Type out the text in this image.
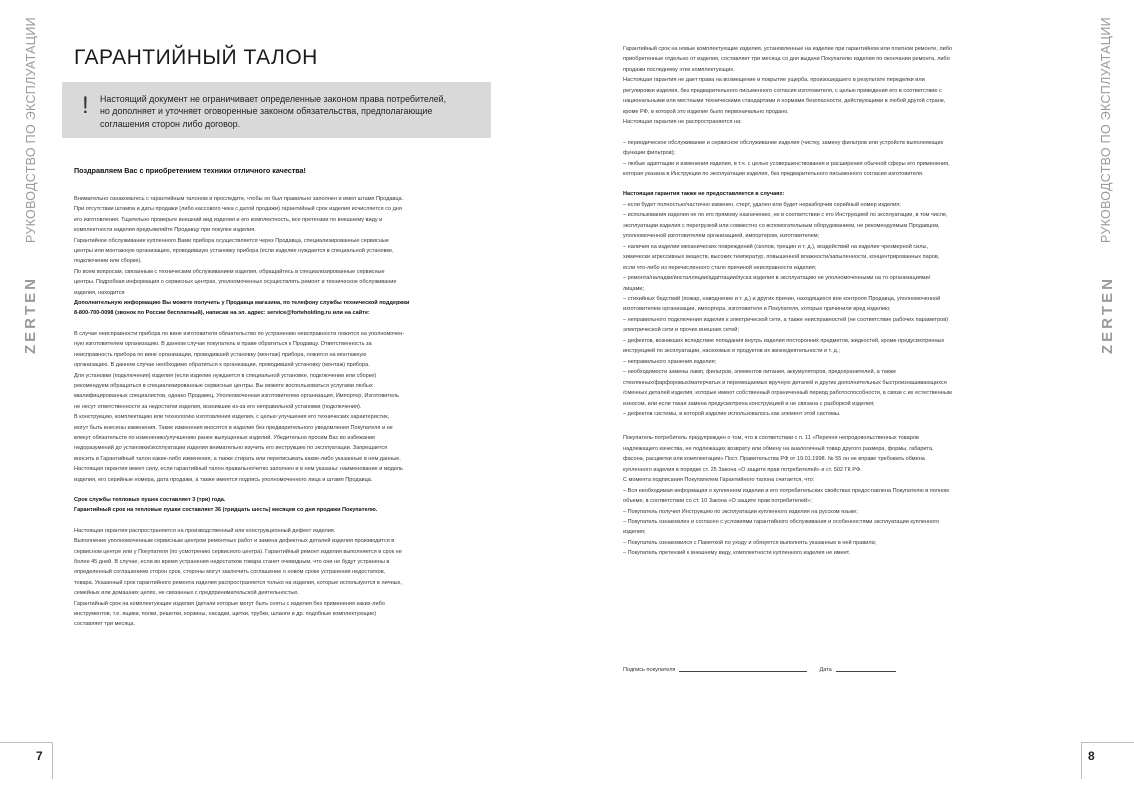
ZERTEN
РУКОВОДСТВО ПО ЭКСПЛУАТАЦИИ
7
ZERTEN
РУКОВОДСТВО ПО ЭКСПЛУАТАЦИИ
8
ГАРАНТИЙНЫЙ ТАЛОН
! Настоящий документ не ограничивает определенные законом права потребителей,

но дополняет и уточняет оговоренные законом обязательства, предполагающие

соглашения сторон либо договор.

Поздравляем Вас с приобретением техники отличного качества!

Внимательно ознакомьтесь с гарантийным талоном и проследите, чтобы он был правильно заполнен и имел штамп Продавца.

При отсутствии штампа и даты продажи (либо кассового чека с датой продажи) гарантийный срок изделия исчисляется со дня

его изготовления. Тщательно проверьте внешний вид изделия и его комплектность, все претензии по внешнему виду и

комплектности изделия предъявляйте Продавцу при покупке изделия.

Гарантийное обслуживание купленного Вами прибора осуществляется через Продавца, специализированные сервисные

центры или монтажную организацию, проводившую установку прибора (если изделие нуждается в специальной установке,

подключении или сборке).

По всем вопросам, связанным с техническим обслуживанием изделия, обращайтесь в специализированные сервисные

центры. Подробная информация о сервисных центрах, уполномоченных осуществлять ремонт и техническое обслуживание

изделия, находится

Дополнительную информацию Вы можете получить у Продавца магазина, по телефону службы технической поддержки

8-800-700-0098 (звонок по России бесплатный), написав на эл. адрес: service@forteholding.ru или на сайте:

В случае неисправности прибора по вине изготовителя обязательство по устранению неисправности ложится на уполномочен-

ную изготовителем организацию. В данном случае покупатель в праве обратиться к Продавцу. Ответственность за

неисправность прибора по вине организации, проводившей установку (монтаж) прибора, ложится на монтажную

организацию. В данном случае необходимо обратиться к организации, проводившей установку (монтаж) прибора.

Для установки (подключения) изделия (если изделие нуждается в специальной установке, подключении или сборке)

рекомендуем обращаться в специализированные сервисные центры. Вы можете воспользоваться услугами любых

квалифицированных специалистов, однако Продавец, Уполномоченная изготовителем организация, Импортер, Изготовитель

не несут ответственности за недостатки изделия, возникшие из-за его неправильной установки (подключения).

В конструкцию, комплектацию или технологию изготовления изделия, с целью улучшения его технических характеристик,

могут быть внесены изменения. Такие изменения вносятся в изделие без предварительного уведомления Покупателя и не

влекут обязательств по изменению/улучшению ранее выпущенных изделий. Убедительно просим Вас во избежание

недоразумений до установки/эксплуатации изделия внимательно изучить его инструкцию по эксплуатации. Запрещается

вносить в Гарантийный талон какие-либо изменения, а также стирать или переписывать какие-либо указанные в нем данные.

Настоящая гарантия имеет силу, если гарантийный талон правильно/четко заполнен и в нем указаны: наименование и модель

изделия, его серийные номера, дата продажи, а также имеется подпись уполномоченного лица и штамп Продавца.

Срок службы тепловых пушек составляет 3 (три) года.

Гарантийный срок на тепловые пушки составляет 36 (тридцать шесть) месяцев со дня продажи Покупателю.

Настоящая гарантия распространяется на производственный или конструкционный дефект изделия.

Выполнение уполномоченным сервисным центром ремонтных работ и замена дефектных деталей изделия производится в

сервисном центре или у Покупателя (по усмотрению сервисного центра). Гарантийный ремонт изделия выполняется в срок не

более 45 дней. В случае, если во время устранения недостатков товара станет очевидным, что они не будут устранены в

определенный соглашением сторон срок, стороны могут заключить соглашение о новом сроке устранения недостатков,

товара. Указанный срок гарантийного ремонта изделия распространяется только на изделия, которые используются в личных,

семейных или домашних целях, не связанных с предпринимательской деятельностью.

Гарантийный срок на комплектующие изделия (детали которые могут быть сняты с изделия без применения каких-либо

инструментов, т.е. ящики, полки, решетки, корзины, насадки, щетки, трубки, шланги и др. подобные комплектующие)

составляет три месяца.

Гарантийный срок на новые комплектующие изделия, установленные на изделие при гарантийном или платном ремонте, либо

приобретенные отдельно от изделия, составляет три месяца со дня выдачи Покупателю изделия по окончании ремонта, либо

продажи последнему этих комплектующих.

Настоящая гарантия не дает права на возмещение и покрытие ущерба, произошедшего в результате переделки или

регулировки изделия, без предварительного письменного согласия изготовителя, с целью приведения его в соответствие с

национальными или местными техническими стандартами и нормами безопасности, действующими в любой другой стране,

кроме РФ, в которой это изделие было первоначально продано.

Настоящая гарантия не распространяется на:

– периодическое обслуживание и сервисное обслуживание изделия (чистку, замену фильтров или устройств выполняющих

функции фильтров);

– любые адаптации и изменения изделия, в т.ч. с целью усовершенствования и расширения обычной сферы его применения,

которая указана в Инструкции по эксплуатации изделия, без предварительного письменного согласия изготовителя.

Настоящая гарантия также не предоставляется в случаях:

– если будет полностью/частично изменен, стерт, удален или будет неразборчив серийный номер изделия;

– использования изделия не по его прямому назначению, не в соответствии с его Инструкцией по эксплуатации, в том числе,

эксплуатации изделия с перегрузкой или совместно со вспомогательным оборудованием, не рекомендуемым Продавцом,

уполномоченной изготовителем организацией, импортером, изготовителем;

– наличия на изделии механических повреждений (сколов, трещин и т. д.), воздействий на изделие чрезмерной силы,

химически агрессивных веществ, высоких температур, повышенной влажности/запыленности, концентрированных паров,

если что-либо из перечисленного стало причиной неисправности изделия;

– ремонта/наладки/инсталляции/адаптации/пуска изделия в эксплуатацию не уполномоченными на то организациями/

лицами;

– стихийных бедствий (пожар, наводнение и т. д.) и других причин, находящихся вне контроля Продавца, уполномоченной

изготовителем организации, импортера, изготовителя и Покупателя, которые причинили вред изделию;

– неправильного подключения изделия к электрической сети, а также неисправностей (не соответствие рабочих параметров)

электрической сети и прочих внешних сетей;

– дефектов, возникших вследствие попадания внутрь изделия посторонних предметов, жидкостей, кроме предусмотренных

инструкцией по эксплуатации, насекомых и продуктов их жизнедеятельности и т. д.;

– неправильного хранения изделия;

– необходимости замены ламп, фильтров, элементов питания, аккумуляторов, предохранителей, а также

стеклянных/фарфоровых/матерчатых и перемещаемых вручную деталей и других дополнительных быстроизнашивающихся

/сменных деталей изделия, которые имеют собственный ограниченный период работоспособности, в связи с их естественным

износом, или если такая замена предусмотрена конструкцией и не связана с разборкой изделия;

– дефектов системы, в которой изделие использовалось как элемент этой системы.

Покупатель-потребитель предупрежден о том, что в соответствии с п. 11 «Перечня непродовольственных товаров

надлежащего качества, не подлежащих возврату или обмену на аналогичный товар другого размера, формы, габарита,

фасона, расцветки или комплектации» Пост. Правительства РФ от 19.01.1998. № 55 он не вправе требовать обмена

купленного изделия в порядке ст. 25 Закона «О защите прав потребителей» и ст. 502 ГК РФ.

С момента подписания Покупателем Гарантийного талона считается, что:

– Вся необходимая информация о купленном изделии и его потребительских свойствах предоставлена Покупателю в полном

объеме, в соответствии со ст. 10 Закона «О защите прав потребителей»;

– Покупатель получил Инструкцию по эксплуатации купленного изделия на русском языке;

– Покупатель ознакомлен и согласен с условиями гарантийного обслуживания и особенностями эксплуатации купленного

изделия;

– Покупатель ознакомился с Памяткой по уходу и обязуется выполнять указанные в ней правила;

– Покупатель претензий к внешнему виду, комплектности купленного изделия не имеет.

Подпись покупателя	Дата
